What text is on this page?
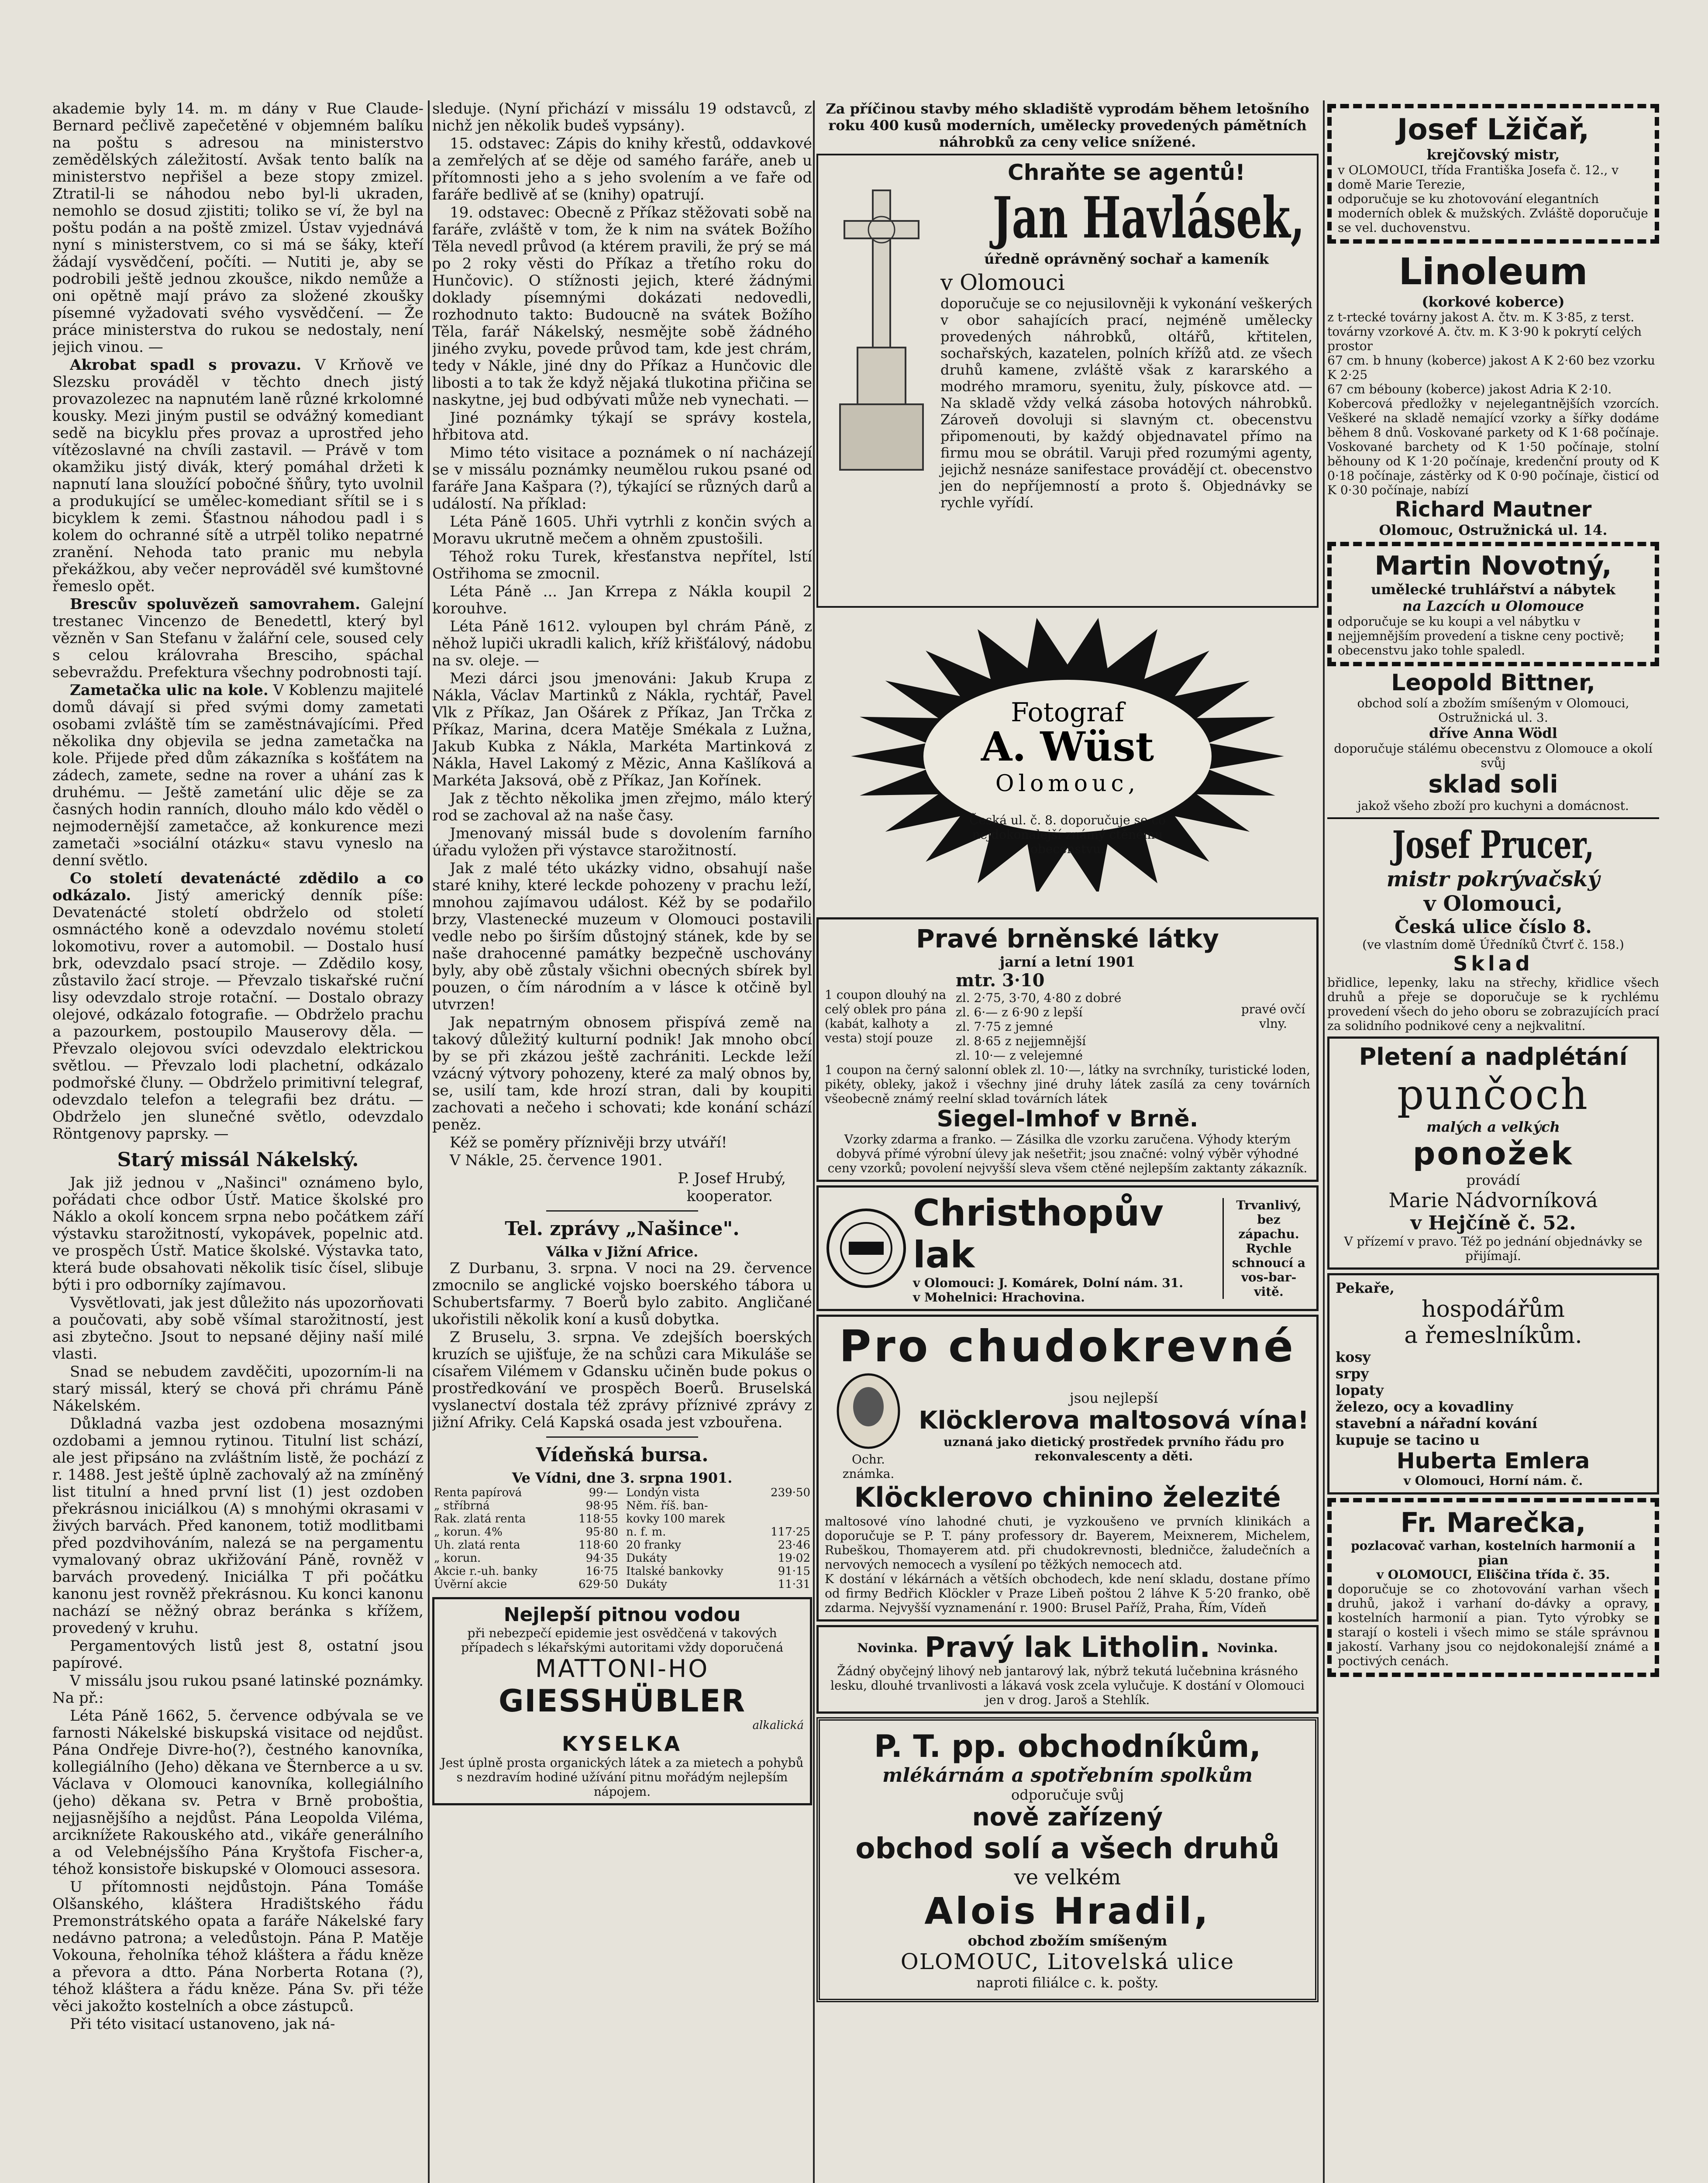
akademie byly 14. m. m dány v Rue Claude-Bernard pečlivě zapečetěné v objemném balíku na poštu s adresou na ministerstvo zemědělských záležitostí. Avšak tento balík na ministerstvo nepřišel a beze stopy zmizel. Ztratil-li se náhodou nebo byl-li ukraden, nemohlo se dosud zjistiti; toliko se ví, že byl na poštu podán a na poště zmizel. Ústav vyjednává nyní s ministerstvem, co si má se šáky, kteří žádají vysvědčení, počíti. — Nutiti je, aby se podrobili ještě jednou zkoušce, nikdo nemůže a oni opětně mají právo za složené zkoušky písemné vyžadovati svého vysvědčení. — Že práce ministerstva do rukou se nedostaly, není jejich vinou. —

Akrobat spadl s provazu. V Krňově ve Slezsku prováděl v těchto dnech jistý provazolezec na napnutém laně různé krkolomné kousky. Mezi jiným pustil se odvážný komediant sedě na bicyklu přes provaz a uprostřed jeho vítězoslavné na chvíli zastavil. — Právě v tom okamžiku jistý divák, který pomáhal držeti k napnutí lana sloužící pobočné šňůry, tyto uvolnil a produkující se umělec-komediant sřítil se i s bicyklem k zemi. Šťastnou náhodou padl i s kolem do ochranné sítě a utrpěl toliko nepatrné zranění. Nehoda tato pranic mu nebyla překážkou, aby večer neprováděl své kumštovné řemeslo opět.

Brescův spoluvězeň samovrahem. Galejní trestanec Vincenzo de Benedettl, který byl vězněn v San Stefanu v žalářní cele, soused cely s celou královraha Bresciho, spáchal sebevraždu. Prefektura všechny podrobnosti tají.

Zametačka ulic na kole. V Koblenzu majitelé domů dávají si před svými domy zametati osobami zvláště tím se zaměstnávajícími. Před několika dny objevila se jedna zametačka na kole. Přijede před dům zákazníka s košťátem na zádech, zamete, sedne na rover a uhání zas k druhému. — Ještě zametání ulic děje se za časných hodin ranních, dlouho málo kdo věděl o nejmodernější zametačce, až konkurence mezi zametači »sociální otázku« stavu vyneslo na denní světlo.

Co století devatenácté zdědilo a co odkázalo. Jistý americký denník píše: Devatenácté století obdrželo od století osmnáctého koně a odevzdalo novému století lokomotivu, rover a automobil. — Dostalo husí brk, odevzdalo psací stroje. — Zdědilo kosy, zůstavilo žací stroje. — Převzalo tiskařské ruční lisy odevzdalo stroje rotační. — Dostalo obrazy olejové, odkázalo fotografie. — Obdrželo prachu a pazourkem, postoupilo Mauserovy děla. — Převzalo olejovou svíci odevzdalo elektrickou světlou. — Převzalo lodi plachetní, odkázalo podmořské čluny. — Obdrželo primitivní telegraf, odevzdalo telefon a telegrafii bez drátu. — Obdrželo jen slunečné světlo, odevzdalo Röntgenovy paprsky. —

Starý missál Nákelský.

Jak již jednou v „Našinci" oznámeno bylo, pořádati chce odbor Ústř. Matice školské pro Náklo a okolí koncem srpna nebo počátkem září výstavku starožitností, vykopávek, popelnic atd. ve prospěch Ústř. Matice školské. Výstavka tato, která bude obsahovati několik tisíc čísel, slibuje býti i pro odborníky zajímavou.

Vysvětlovati, jak jest důležito nás upozorňovati a poučovati, aby sobě všímal starožitností, jest asi zbytečno. Jsout to nepsané dějiny naší milé vlasti.

Snad se nebudem zavděčiti, upozorním-li na starý missál, který se chová při chrámu Páně Nákelském.

Důkladná vazba jest ozdobena mosaznými ozdobami a jemnou rytinou. Titulní list schází, ale jest připsáno na zvláštním listě, že pochází z r. 1488. Jest ještě úplně zachovalý až na zmíněný list titulní a hned první list (1) jest ozdoben překrásnou iniciálkou (A) s mnohými okrasami v živých barvách. Před kanonem, totiž modlitbami před pozdvihováním, nalezá se na pergamentu vymalovaný obraz ukřižování Páně, rovněž v barvách provedený. Iniciálka T při počátku kanonu jest rovněž překrásnou. Ku konci kanonu nachází se něžný obraz beránka s křížem, provedený v kruhu.

Pergamentových listů jest 8, ostatní jsou papírové.

V missálu jsou rukou psané latinské poznámky. Na př.:

Léta Páně 1662, 5. července odbývala se ve farnosti Nákelské biskupská visitace od nejdůst. Pána Ondřeje Divre-ho(?), čestného kanovníka, kollegiálního (Jeho) děkana ve Šternberce a u sv. Václava v Olomouci kanovníka, kollegiálního (jeho) děkana sv. Petra v Brně proboštia, nejjasnějšího a nejdůst. Pána Leopolda Viléma, arciknížete Rakouského atd., vikáře generálního a od Velebnéjsšího Pána Kryštofa Fischer-a, téhož konsistoře biskupské v Olomouci assesora.

U přítomnosti nejdůstojn. Pána Tomáše Olšanského, kláštera Hradištského řádu Premonstrátského opata a faráře Nákelské fary nedávno patrona; a veledůstojn. Pána P. Matěje Vokouna, řeholníka téhož kláštera a řádu kněze a převora a dtto. Pána Norberta Rotana (?), téhož kláštera a řádu kněze. Pána Sv. při téže věci jakožto kostelních a obce zástupců.

Při této visitací ustanoveno, jak ná-

sleduje. (Nyní přichází v missálu 19 odstavců, z nichž jen několik budeš vypsány).

15. odstavec: Zápis do knihy křestů, oddavkové a zemřelých ať se děje od samého faráře, aneb u přítomnosti jeho a s jeho svolením a ve faře od faráře bedlivě ať se (knihy) opatrují.

19. odstavec: Obecně z Příkaz stěžovati sobě na faráře, zvláště v tom, že k nim na svátek Božího Těla nevedl průvod (a ktérem pravili, že prý se má po 2 roky věsti do Příkaz a třetího roku do Hunčovic). O stížnosti jejich, které žádnými doklady písemnými dokázati nedovedli, rozhodnuto takto: Budoucně na svátek Božího Těla, farář Nákelský, nesmějte sobě žádného jiného zvyku, povede průvod tam, kde jest chrám, tedy v Nákle, jiné dny do Příkaz a Hunčovic dle libosti a to tak že když nějaká tlukotina přičina se naskytne, jej bud odbývati může neb vynechati. —

Jiné poznámky týkají se správy kostela, hřbitova atd.

Mimo této visitace a poznámek o ní nacházejí se v missálu poznámky neumělou rukou psané od faráře Jana Kašpara (?), týkající se různých darů a událostí. Na příklad:

Léta Páně 1605. Uhři vytrhli z končin svých a Moravu ukrutně mečem a ohněm zpustošili.

Téhož roku Turek, křesťanstva nepřítel, lstí Ostřihoma se zmocnil.

Léta Páně ... Jan Krrepa z Nákla koupil 2 korouhve.

Léta Páně 1612. vyloupen byl chrám Páně, z něhož lupiči ukradli kalich, kříž křišťálový, nádobu na sv. oleje. —

Mezi dárci jsou jmenováni: Jakub Krupa z Nákla, Václav Martinků z Nákla, rychtář, Pavel Vlk z Příkaz, Jan Ošárek z Příkaz, Jan Trčka z Příkaz, Marina, dcera Matěje Smékala z Lužna, Jakub Kubka z Nákla, Markéta Martinková z Nákla, Havel Lakomý z Mězic, Anna Kašlíková a Markéta Jaksová, obě z Příkaz, Jan Kořínek.

Jak z těchto několika jmen zřejmo, málo který rod se zachoval až na naše časy.

Jmenovaný missál bude s dovolením farního úřadu vyložen při výstavce starožitností.

Jak z malé této ukázky vidno, obsahují naše staré knihy, které leckde pohozeny v prachu leží, mnohou zajímavou událost. Kéž by se podařilo brzy, Vlastenecké muzeum v Olomouci postavili vedle nebo po širším důstojný stánek, kde by se naše drahocenné památky bezpečně uschovány byly, aby obě zůstaly všichni obecných sbírek byl pouzen, o čím národním a v lásce k otčině byl utvrzen!

Jak nepatrným obnosem přispívá země na takový důležitý kulturní podnik! Jak mnoho obcí by se při zkázou ještě zachrániti. Leckde leží vzácný výtvory pohozeny, které za malý obnos by, se, usilí tam, kde hrozí stran, dali by koupiti zachovati a nečeho i schovati; kde konání schází peněz.

Kéž se poměry příznivěji brzy utváří!

V Nákle, 25. července 1901.

P. Josef Hrubý,

kooperator.

Tel. zprávy „Našince".
Válka v Jižní Africe.

Z Durbanu, 3. srpna. V noci na 29. července zmocnilo se anglické vojsko boerského tábora u Schubertsfarmy. 7 Boerů bylo zabito. Angličané ukořistili několik koní a kusů dobytka.

Z Bruselu, 3. srpna. Ve zdejších boerských kruzích se ujišťuje, že na schůzi cara Mikuláše se císařem Vilémem v Gdansku učiněn bude pokus o prostředkování ve prospěch Boerů. Bruselská vyslanectví dostala též zprávy příznivé zprávy z jižní Afriky. Celá Kapská osada jest vzbouřena.

Vídeňská bursa.
Ve Vídni, dne 3. srpna 1901.
Renta papírová	99·—
„ stříbrná	98·95
Rak. zlatá renta	118·55
„ korun. 4%	95·80
Uh. zlatá renta	118·60
„ korun.	94·35
Akcie r.-uh. banky	16·75
Úvěrní akcie	629·50
Londýn vista	239·50
Něm. říš. ban-	
kovky 100 marek	
n. f. m.	117·25
20 franky	23·46
Dukáty	19·02
Italské bankovky	91·15
Dukáty	11·31
Nejlepší pitnou vodou
při nebezpečí epidemie jest osvědčená v takových případech s lékařskými autoritami vždy doporučená
MATTONI-HO
GIESSHÜBLER
alkalická
KYSELKA
Jest úplně prosta organických látek a za mietech a pohybů s nezdravím hodiné užívání pitnu mořádým nejlepším nápojem.
Za příčinou stavby mého skladiště vyprodám během letošního roku 400 kusů moderních, umělecky provedených pámětních náhrobků za ceny velice snížené.
Chraňte se agentů!
Jan Havlásek,
úředně oprávněný sochař a kameník
v Olomouci
doporučuje se co nejusilovněji k vykonání veškerých v obor sahajících prací, nejméně umělecky provedených náhrobků, oltářů, křtitelen, sochařských, kazatelen, polních křížů atd. ze všech druhů kamene, zvláště však z kararského a modrého mramoru, syenitu, žuly, pískovce atd. — Na skladě vždy velká zásoba hotových náhrobků. Zároveň dovoluji si slavným ct. obecenstvu připomenouti, by každý objednavatel přímo na firmu mou se obrátil. Varuji před rozumými agenty, jejichž nesnáze sanifestace provádějí ct. obecenstvo jen do nepříjemností a proto š. Objednávky se rychle vyřídí.
Fotograf
A. Wüst
Olomouc,
Česká ul. č. 8. doporučuje se co nejdokonalejší známý ctěnému obecenstvu.
Pravé brněnské látky
jarní a letní 1901
1 coupon dlouhý na celý oblek pro pána (kabát, kalhoty a vesta) stojí pouze
mtr. 3·10
zl. 2·75, 3·70, 4·80 z dobré
zl. 6·— z 6·90 z lepší
zl. 7·75 z jemné
zl. 8·65 z nejjemnější
zl. 10·— z velejemné
pravé ovčí vlny.
1 coupon na černý salonní oblek zl. 10·—, látky na svrchníky, turistické loden, pikéty, obleky, jakož i všechny jiné druhy látek zasílá za ceny továrních všeobecně známý reelní sklad továrních látek
Siegel-Imhof v Brně.
Vzorky zdarma a franko. — Zásilka dle vzorku zaručena. Výhody kterým dobyvá přímé výrobní úlevy jak nešetřit; jsou značné: volný výběr výhodné ceny vzorků; povolení nejvyšší sleva všem ctěné nejlepším zaktanty zákazník.
Christhopův lak
v Olomouci: J. Komárek, Dolní nám. 31.
v Mohelnici: Hrachovina.
Trvanlivý, bez zápachu. Rychle schnoucí a vos-bar-vitě.
Pro chudokrevné
Ochr. známka.
jsou nejlepší
Klöcklerova maltosová vína!
uznaná jako dietický prostředek prvního řádu pro rekonvalescenty a děti.
Klöcklerovo chinino železité
maltosové víno lahodné chuti, je vyzkoušeno ve prvních klinikách a doporučuje se P. T. pány professory dr. Bayerem, Meixnerem, Michelem, Rubeškou, Thomayerem atd. při chudokrevnosti, bledničce, žaludečních a nervových nemocech a vysílení po těžkých nemocech atd.
K dostání v lékárnách a větších obchodech, kde není skladu, dostane přímo od firmy Bedřich Klöckler v Praze Libeň poštou 2 láhve K 5·20 franko, obě zdarma. Nejvyšší vyznamenání r. 1900: Brusel Paříž, Praha, Řím, Vídeň
Novinka. Pravý lak Litholin. Novinka.
Žádný obyčejný lihový neb jantarový lak, nýbrž tekutá lučebnina krásného lesku, dlouhé trvanlivosti a lákavá vosk zcela vylučuje. K dostání v Olomouci jen v drog. Jaroš a Stehlík.
P. T. pp. obchodníkům,
mlékárnám a spotřebním spolkům
odporučuje svůj
nově zařízený
obchod solí a všech druhů
ve velkém
Alois Hradil,
obchod zbožím smíšeným
OLOMOUC, Litovelská ulice
naproti filiálce c. k. pošty.
Josef Lžičař,
krejčovský mistr,
v OLOMOUCI, třída Františka Josefa č. 12., v domě Marie Terezie,
odporučuje se ku zhotovování elegantních moderních oblek & mužských. Zvláště doporučuje se vel. duchovenstvu.
Linoleum
(korkové koberce)
z t-rtecké továrny jakost A. čtv. m. K 3·85, z terst. továrny vzorkové A. čtv. m. K 3·90 k pokrytí celých prostor
67 cm. b hnuny (koberce) jakost A K 2·60 bez vzorku K 2·25
67 cm bébouny (koberce) jakost Adria K 2·10.
Kobercová předložky v nejelegantnějších vzorcích. Veškeré na skladě nemající vzorky a šířky dodáme během 8 dnů. Voskované parkety od K 1·68 počínaje. Voskované barchety od K 1·50 počínaje, stolní běhouny od K 1·20 počínaje, kredenční prouty od K 0·18 počínaje, zástěrky od K 0·90 počínaje, čisticí od K 0·30 počínaje, nabízí
Richard Mautner
Olomouc, Ostružnická ul. 14.
Martin Novotný,
umělecké truhlářství a nábytek
na Lazcích u Olomouce
odporučuje se ku koupi a vel nábytku v nejjemnějším provedení a tiskne ceny poctivě; obecenstvu jako tohle spaledl.
Leopold Bittner,
obchod solí a zbožím smíšeným v Olomouci, Ostružnická ul. 3.
dříve Anna Wödl
doporučuje stálému obecenstvu z Olomouce a okolí svůj
sklad soli
jakož všeho zboží pro kuchyni a domácnost.
Josef Prucer,
mistr pokrývačský
v Olomouci,
Česká ulice číslo 8.
(ve vlastním domě Úředníků Čtvrť č. 158.)
Sklad
břidlice, lepenky, laku na střechy, křidlice všech druhů a přeje se doporučuje se k rychlému provedení všech do jeho oboru se zobrazujících prací za solidního podnikové ceny a nejkvalitní.
Pletení a nadplétání
punčoch
malých a velkých
ponožek
provádí
Marie Nádvorníková
v Hejčíně č. 52.
V přízemí v pravo. Též po jednání objednávky se přijímají.
Pekaře,
hospodářům
a řemeslníkům.
kosy
srpy
lopaty
železo, ocy a kovadliny
stavební a nářadní kování
kupuje se tacino u
Huberta Emlera
v Olomouci, Horní nám. č.
Fr. Marečka,
pozlacovač varhan, kostelních harmonií a pian
v OLOMOUCI, Eliščina třída č. 35.
doporučuje se co zhotovování varhan všech druhů, jakož i varhaní do-dávky a opravy, kostelních harmonií a pian. Tyto výrobky se starají o kosteli i všech mimo se stále správnou jakostí. Varhany jsou co nejdokonalejší známé a poctivých cenách.
